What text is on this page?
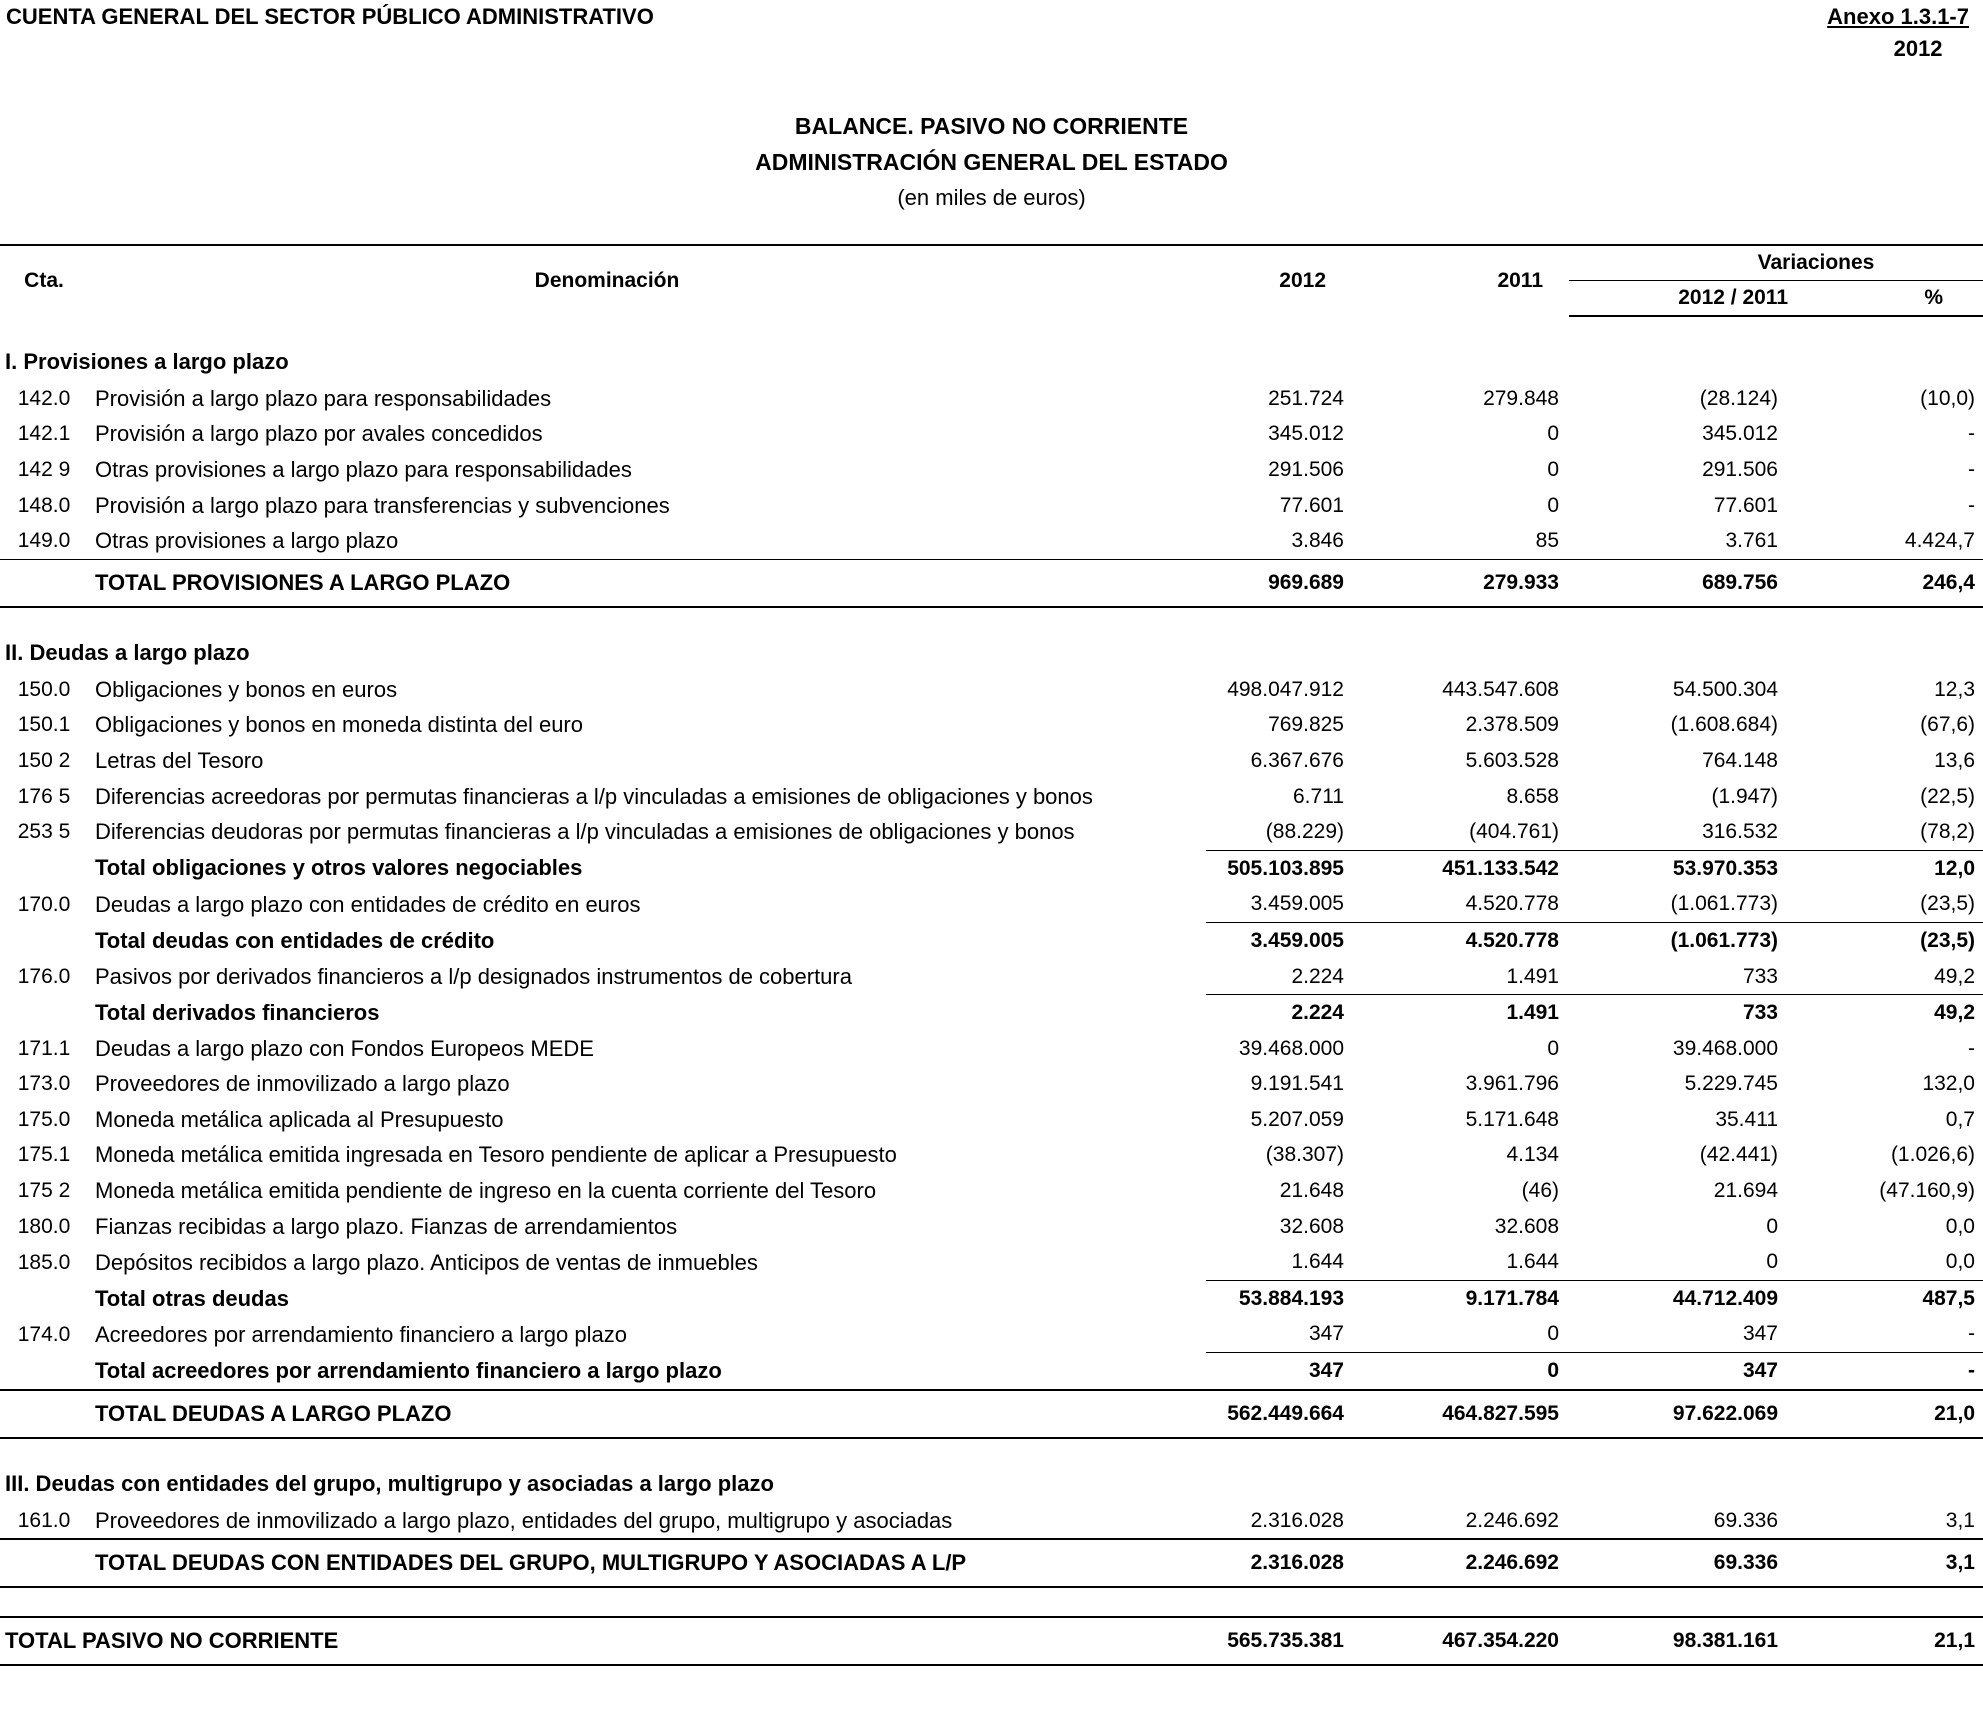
CUENTA GENERAL DEL SECTOR PÚBLICO ADMINISTRATIVO	Anexo 1.3.1-7
2012
BALANCE. PASIVO NO CORRIENTE
ADMINISTRACIÓN GENERAL DEL ESTADO
(en miles de euros)
Cta.	Denominación	2012	2011	Variaciones	
				2012 / 2011	%
I. Provisiones a largo plazo					
142.0	Provisión a largo plazo para responsabilidades	251.724	279.848	(28.124)	(10,0)
142.1	Provisión a largo plazo por avales concedidos	345.012	0	345.012	-
142 9	Otras provisiones a largo plazo para responsabilidades	291.506	0	291.506	-
148.0	Provisión a largo plazo para transferencias y subvenciones	77.601	0	77.601	-
149.0	Otras provisiones a largo plazo	3.846	85	3.761	4.424,7
	TOTAL PROVISIONES A LARGO PLAZO	969.689	279.933	689.756	246,4
II. Deudas a largo plazo					
150.0	Obligaciones y bonos en euros	498.047.912	443.547.608	54.500.304	12,3
150.1	Obligaciones y bonos en moneda distinta del euro	769.825	2.378.509	(1.608.684)	(67,6)
150 2	Letras del Tesoro	6.367.676	5.603.528	764.148	13,6
176 5	Diferencias acreedoras por permutas financieras a l/p vinculadas a emisiones de obligaciones y bonos	6.711	8.658	(1.947)	(22,5)
253 5	Diferencias deudoras por permutas financieras a l/p vinculadas a emisiones de obligaciones y bonos	(88.229)	(404.761)	316.532	(78,2)
	Total obligaciones y otros valores negociables	505.103.895	451.133.542	53.970.353	12,0
170.0	Deudas a largo plazo con entidades de crédito en euros	3.459.005	4.520.778	(1.061.773)	(23,5)
	Total deudas con entidades de crédito	3.459.005	4.520.778	(1.061.773)	(23,5)
176.0	Pasivos por derivados financieros a l/p designados instrumentos de cobertura	2.224	1.491	733	49,2
	Total derivados financieros	2.224	1.491	733	49,2
171.1	Deudas a largo plazo con Fondos Europeos MEDE	39.468.000	0	39.468.000	-
173.0	Proveedores de inmovilizado a largo plazo	9.191.541	3.961.796	5.229.745	132,0
175.0	Moneda metálica aplicada al Presupuesto	5.207.059	5.171.648	35.411	0,7
175.1	Moneda metálica emitida ingresada en Tesoro pendiente de aplicar a Presupuesto	(38.307)	4.134	(42.441)	(1.026,6)
175 2	Moneda metálica emitida pendiente de ingreso en la cuenta corriente del Tesoro	21.648	(46)	21.694	(47.160,9)
180.0	Fianzas recibidas a largo plazo. Fianzas de arrendamientos	32.608	32.608	0	0,0
185.0	Depósitos recibidos a largo plazo. Anticipos de ventas de inmuebles	1.644	1.644	0	0,0
	Total otras deudas	53.884.193	9.171.784	44.712.409	487,5
174.0	Acreedores por arrendamiento financiero a largo plazo	347	0	347	-
	Total acreedores por arrendamiento financiero a largo plazo	347	0	347	-
	TOTAL DEUDAS A LARGO PLAZO	562.449.664	464.827.595	97.622.069	21,0
III. Deudas con entidades del grupo, multigrupo y asociadas a largo plazo					
161.0	Proveedores de inmovilizado a largo plazo, entidades del grupo, multigrupo y asociadas	2.316.028	2.246.692	69.336	3,1
	TOTAL DEUDAS CON ENTIDADES DEL GRUPO, MULTIGRUPO Y ASOCIADAS A L/P	2.316.028	2.246.692	69.336	3,1

TOTAL PASIVO NO CORRIENTE		565.735.381	467.354.220	98.381.161	21,1
